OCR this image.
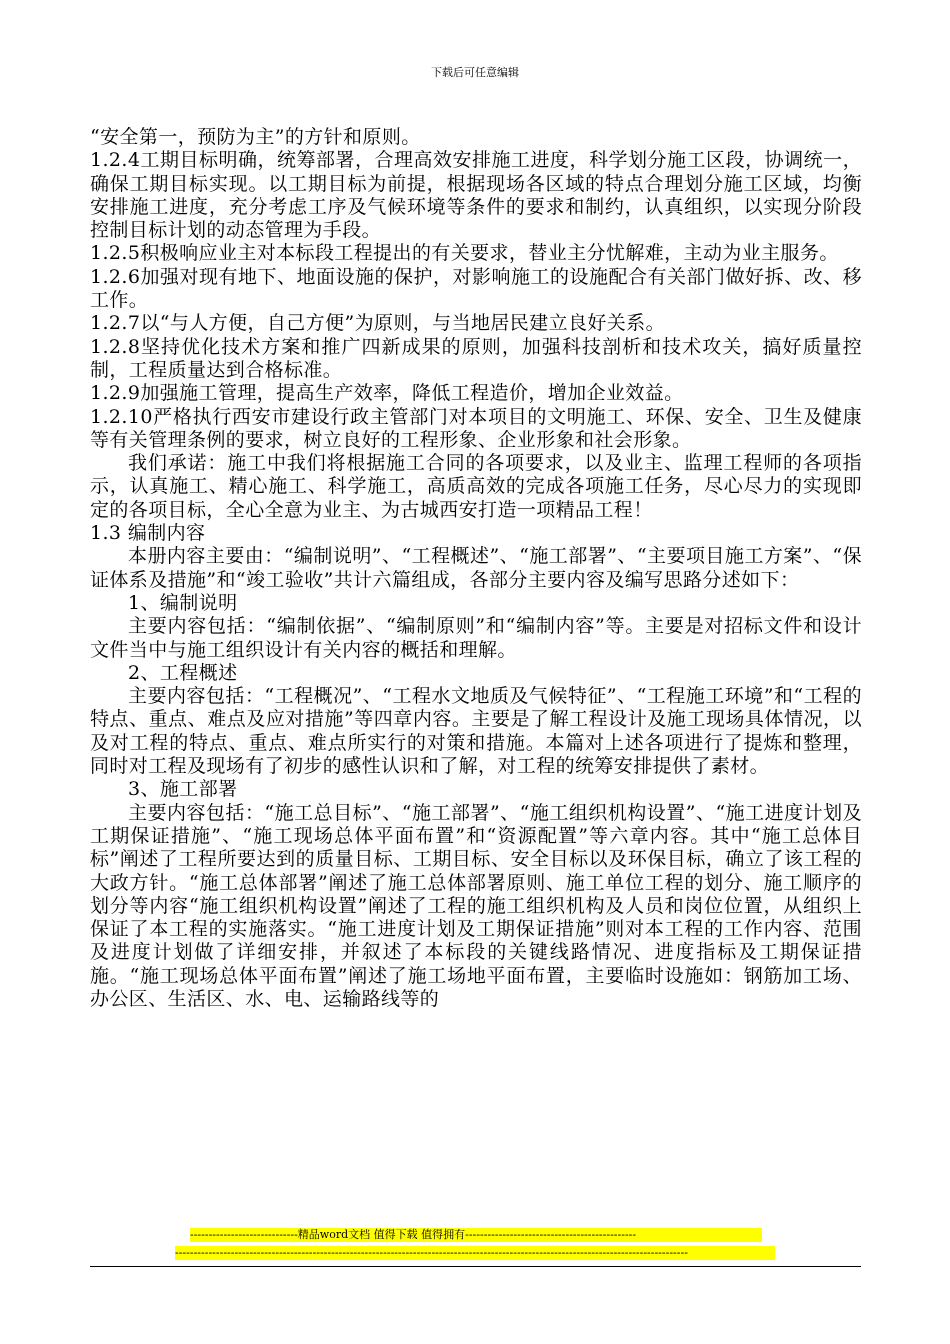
下载后可任意编辑

“安全第一，预防为主”的方针和原则。

1.2.4工期目标明确，统筹部署，合理高效安排施工进度，科学划分施工区段，协调统一，确保工期目标实现。以工期目标为前提，根据现场各区域的特点合理划分施工区域，均衡安排施工进度，充分考虑工序及气候环境等条件的要求和制约，认真组织，以实现分阶段控制目标计划的动态管理为手段。

1.2.5积极响应业主对本标段工程提出的有关要求，替业主分忧解难，主动为业主服务。

1.2.6加强对现有地下、地面设施的保护，对影响施工的设施配合有关部门做好拆、改、移工作。

1.2.7以“与人方便，自己方便”为原则，与当地居民建立良好关系。

1.2.8坚持优化技术方案和推广四新成果的原则，加强科技剖析和技术攻关，搞好质量控制，工程质量达到合格标准。

1.2.9加强施工管理，提高生产效率，降低工程造价，增加企业效益。

1.2.10严格执行西安市建设行政主管部门对本项目的文明施工、环保、安全、卫生及健康等有关管理条例的要求，树立良好的工程形象、企业形象和社会形象。

我们承诺：施工中我们将根据施工合同的各项要求，以及业主、监理工程师的各项指示，认真施工、精心施工、科学施工，高质高效的完成各项施工任务，尽心尽力的实现即定的各项目标，全心全意为业主、为古城西安打造一项精品工程！

1.3 编制内容

本册内容主要由：“编制说明”、“工程概述”、“施工部署”、“主要项目施工方案”、“保证体系及措施”和“竣工验收”共计六篇组成，各部分主要内容及编写思路分述如下：

1、编制说明

主要内容包括：“编制依据”、“编制原则”和“编制内容”等。主要是对招标文件和设计文件当中与施工组织设计有关内容的概括和理解。

2、工程概述

主要内容包括：“工程概况”、“工程水文地质及气候特征”、“工程施工环境”和“工程的特点、重点、难点及应对措施”等四章内容。主要是了解工程设计及施工现场具体情况，以及对工程的特点、重点、难点所实行的对策和措施。本篇对上述各项进行了提炼和整理，同时对工程及现场有了初步的感性认识和了解，对工程的统筹安排提供了素材。

3、施工部署

主要内容包括：“施工总目标”、“施工部署”、“施工组织机构设置”、“施工进度计划及工期保证措施”、“施工现场总体平面布置”和“资源配置”等六章内容。其中“施工总体目标”阐述了工程所要达到的质量目标、工期目标、安全目标以及环保目标，确立了该工程的大政方针。“施工总体部署”阐述了施工总体部署原则、施工单位工程的划分、施工顺序的划分等内容“施工组织机构设置”阐述了工程的施工组织机构及人员和岗位位置，从组织上保证了本工程的实施落实。“施工进度计划及工期保证措施”则对本工程的工作内容、范围及进度计划做了详细安排，并叙述了本标段的关键线路情况、进度指标及工期保证措施。“施工现场总体平面布置”阐述了施工场地平面布置，主要临时设施如：钢筋加工场、办公区、生活区、水、电、运输路线等的

-----------------------------精品word文档 值得下载 值得拥有----------------------------------------------
------------------------------------------------------------------------------------------------------------------------------------------
